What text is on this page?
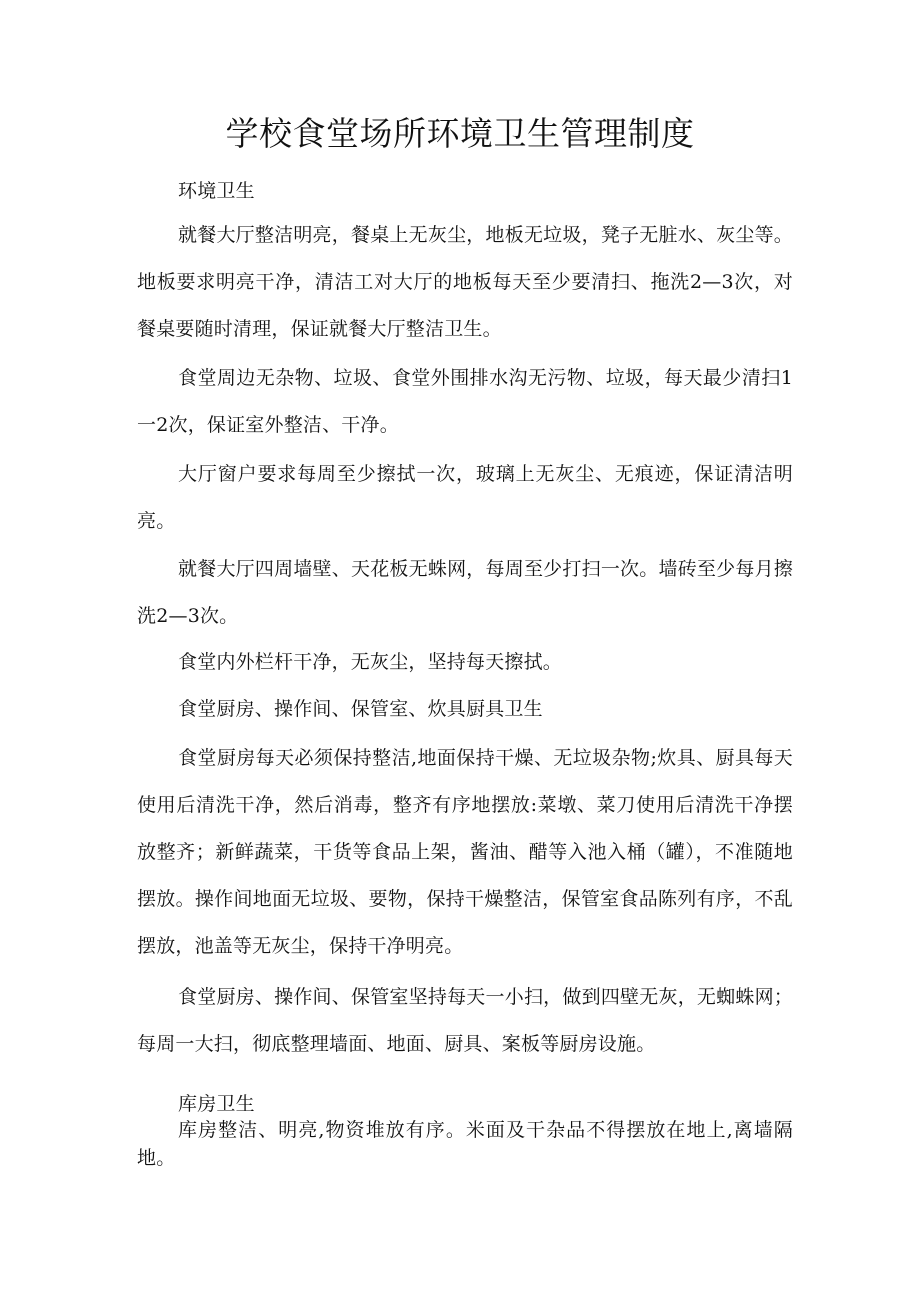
学校食堂场所环境卫生管理制度

环境卫生

就餐大厅整洁明亮，餐桌上无灰尘，地板无垃圾，凳子无脏水、灰尘等。地板要求明亮干净，清洁工对大厅的地板每天至少要清扫、拖洗2—3次，对餐桌要随时清理，保证就餐大厅整洁卫生。

食堂周边无杂物、垃圾、食堂外围排水沟无污物、垃圾，每天最少清扫1一2次，保证室外整洁、干净。

大厅窗户要求每周至少擦拭一次，玻璃上无灰尘、无痕迹，保证清洁明亮。

就餐大厅四周墙壁、天花板无蛛网，每周至少打扫一次。墙砖至少每月擦洗2—3次。

食堂内外栏杆干净，无灰尘，坚持每天擦拭。

食堂厨房、操作间、保管室、炊具厨具卫生

食堂厨房每天必须保持整洁,地面保持干燥、无垃圾杂物;炊具、厨具每天使用后清洗干净，然后消毒，整齐有序地摆放:菜墩、菜刀使用后清洗干净摆放整齐；新鲜蔬菜，干货等食品上架，酱油、醋等入池入桶（罐），不准随地摆放。操作间地面无垃圾、要物，保持干燥整洁，保管室食品陈列有序，不乱摆放，池盖等无灰尘，保持干净明亮。

食堂厨房、操作间、保管室坚持每天一小扫，做到四壁无灰，无蜘蛛网；每周一大扫，彻底整理墙面、地面、厨具、案板等厨房设施。

库房卫生

库房整洁、明亮,物资堆放有序。米面及干杂品不得摆放在地上,离墙隔地。
